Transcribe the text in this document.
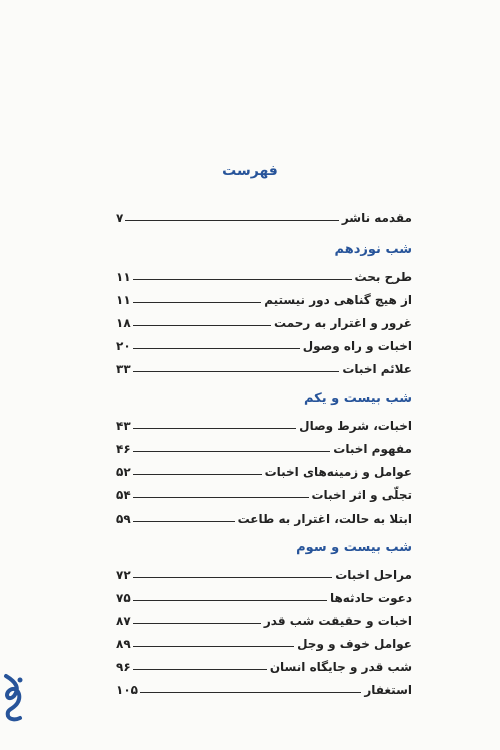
فهرست
مقدمه ناشر
۷
شب نوزدهم
طرح بحث
۱۱
از هیچ گناهی دور نیستیم
۱۱
غرور و اغترار به رحمت
۱۸
اخبات و راه وصول
۲۰
علائم اخبات
۳۳
شب بیست و یکم
اخبات، شرط وصال
۴۳
مفهوم اخبات
۴۶
عوامل و زمینه‌های اخبات
۵۲
تجلّی و اثر اخبات
۵۴
ابتلا به حالت، اغترار به طاعت
۵۹
شب بیست و سوم
مراحل اخبات
۷۲
دعوت حادثه‌ها
۷۵
اخبات و حقیقت شب قدر
۸۷
عوامل خوف و وجل
۸۹
شب قدر و جایگاه انسان
۹۶
استغفار
۱۰۵
